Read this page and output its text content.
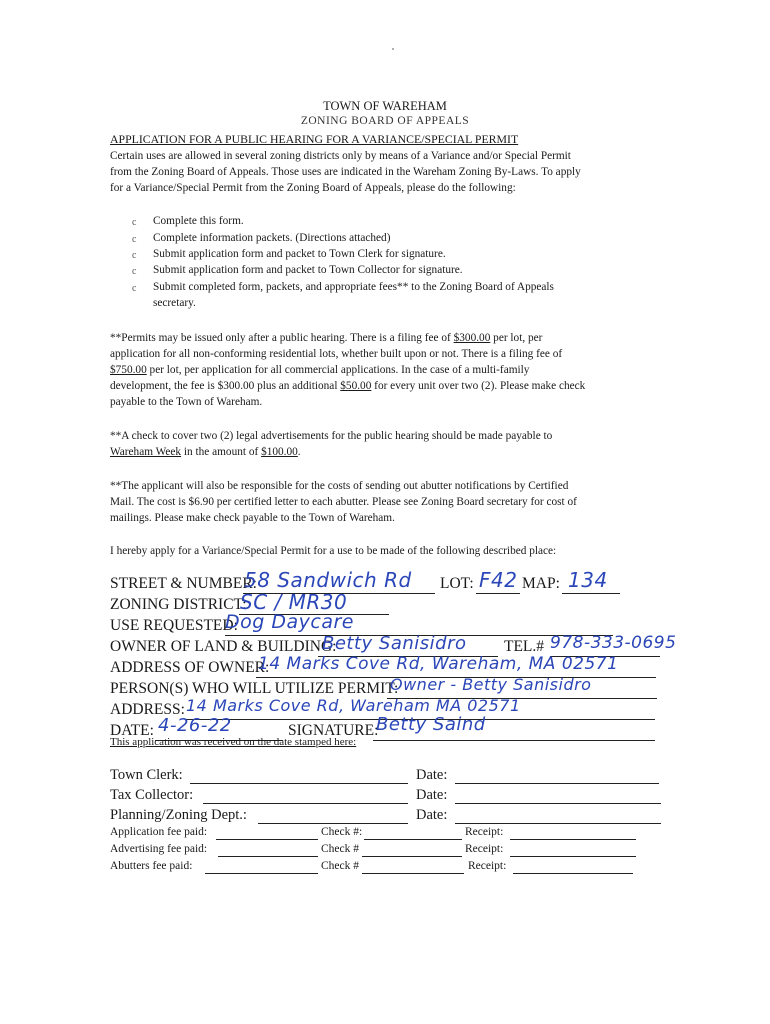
TOWN OF WAREHAM
ZONING BOARD OF APPEALS
APPLICATION FOR A PUBLIC HEARING FOR A VARIANCE/SPECIAL PERMIT
Certain uses are allowed in several zoning districts only by means of a Variance and/or Special Permit
from the Zoning Board of Appeals. Those uses are indicated in the Wareham Zoning By-Laws. To apply
for a Variance/Special Permit from the Zoning Board of Appeals, please do the following:
c Complete this form.
c Complete information packets. (Directions attached)
c Submit application form and packet to Town Clerk for signature.
c Submit application form and packet to Town Collector for signature.
c Submit completed form, packets, and appropriate fees** to the Zoning Board of Appeals
secretary.
**Permits may be issued only after a public hearing. There is a filing fee of $300.00 per lot, per
application for all non-conforming residential lots, whether built upon or not. There is a filing fee of
$750.00 per lot, per application for all commercial applications. In the case of a multi-family
development, the fee is $300.00 plus an additional $50.00 for every unit over two (2). Please make check
payable to the Town of Wareham.
**A check to cover two (2) legal advertisements for the public hearing should be made payable to
Wareham Week in the amount of $100.00.
**The applicant will also be responsible for the costs of sending out abutter notifications by Certified
Mail. The cost is $6.90 per certified letter to each abutter. Please see Zoning Board secretary for cost of
mailings. Please make check payable to the Town of Wareham.
I hereby apply for a Variance/Special Permit for a use to be made of the following described place:
STREET & NUMBER:
58 Sandwich Rd LOT: F42 MAP: 134
ZONING DISTRICT:
SC / MR30
USE REQUESTED:
Dog Daycare
OWNER OF LAND & BUILDING:
Betty Sanisidro TEL.# 978-333-0695
ADDRESS OF OWNER:
14 Marks Cove Rd, Wareham, MA 02571
PERSON(S) WHO WILL UTILIZE PERMIT:
Owner - Betty Sanisidro
ADDRESS: 14 Marks Cove Rd, Wareham MA 02571
DATE: 4-26-22	SIGNATURE:
Betty Saind
This application was received on the date stamped here:
Town Clerk:	Date:
Tax Collector:	Date:
Planning/Zoning Dept.:	Date:
Application fee paid:	Check #:	Receipt:
Advertising fee paid:	Check #	Receipt:
Abutters fee paid:	Check #	Receipt:
